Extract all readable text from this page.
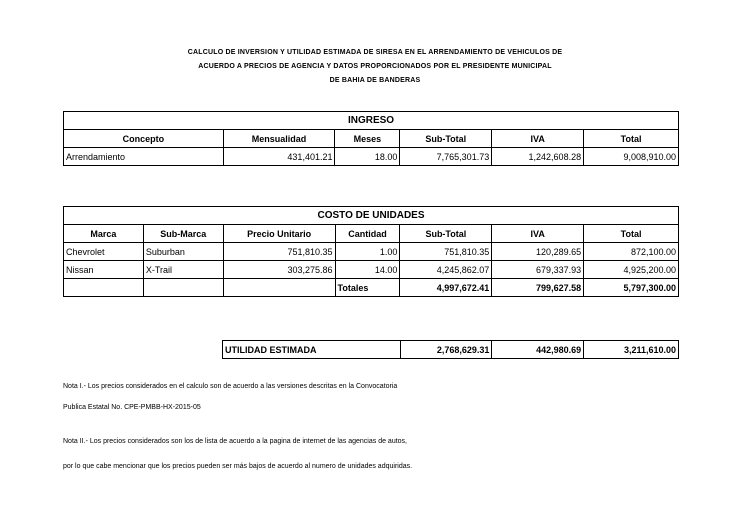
CALCULO DE INVERSION Y UTILIDAD ESTIMADA DE SIRESA EN EL ARRENDAMIENTO DE VEHICULOS DE
ACUERDO A PRECIOS DE AGENCIA Y DATOS PROPORCIONADOS POR EL PRESIDENTE MUNICIPAL
DE BAHIA DE BANDERAS
INGRESO					
Concepto	Mensualidad	Meses	Sub-Total	IVA	Total
Arrendamiento	431,401.21	18.00	7,765,301.73	1,242,608.28	9,008,910.00
COSTO DE UNIDADES						
Marca	Sub-Marca	Precio Unitario	Cantidad	Sub-Total	IVA	Total
Chevrolet	Suburban	751,810.35	1.00	751,810.35	120,289.65	872,100.00
Nissan	X-Trail	303,275.86	14.00	4,245,862.07	679,337.93	4,925,200.00
			Totales	4,997,672.41	799,627.58	5,797,300.00
UTILIDAD ESTIMADA	2,768,629.31	442,980.69	3,211,610.00
Nota I.- Los precios considerados en el calculo son de acuerdo a las versiones descritas en la Convocatoria
Publica Estatal No. CPE-PMBB-HX-2015-05
Nota II.- Los precios considerados son los de lista de acuerdo a la pagina de internet de las agencias de autos,
por lo que cabe mencionar que los precios pueden ser más bajos de acuerdo al numero de unidades adquiridas.
